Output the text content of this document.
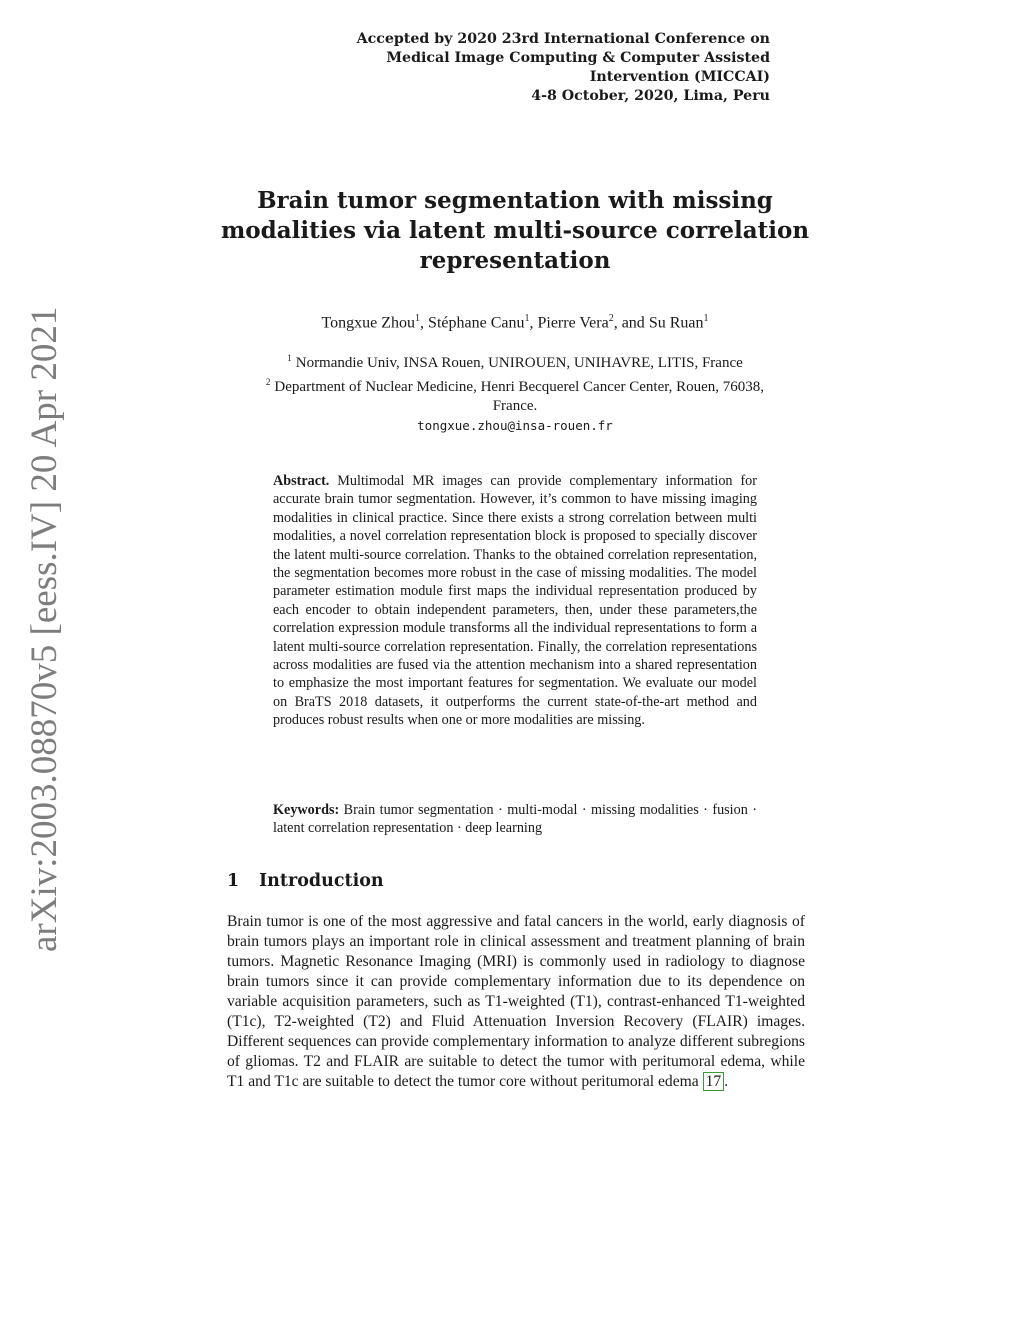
Accepted by 2020 23rd International Conference on
Medical Image Computing & Computer Assisted
Intervention (MICCAI)
4-8 October, 2020, Lima, Peru
arXiv:2003.08870v5 [eess.IV] 20 Apr 2021
Brain tumor segmentation with missing
modalities via latent multi-source correlation
representation
Tongxue Zhou$^1$, Stéphane Canu$^1$, Pierre Vera$^2$, and Su Ruan$^1$
$^1$ Normandie Univ, INSA Rouen, UNIROUEN, UNIHAVRE, LITIS, France
$^2$ Department of Nuclear Medicine, Henri Becquerel Cancer Center, Rouen, 76038,
France.
tongxue.zhou@insa-rouen.fr
Abstract. Multimodal MR images can provide complementary information for accurate brain tumor segmentation. However, it’s common to have missing imaging modalities in clinical practice. Since there exists a strong correlation between multi modalities, a novel correlation representation block is proposed to specially discover the latent multi-source correlation. Thanks to the obtained correlation representation, the segmentation becomes more robust in the case of missing modalities. The model parameter estimation module first maps the individual representation produced by each encoder to obtain independent parameters, then, under these parameters,the correlation expression module transforms all the individual representations to form a latent multi-source correlation representation. Finally, the correlation representations across modalities are fused via the attention mechanism into a shared representation to emphasize the most important features for segmentation. We evaluate our model on BraTS 2018 datasets, it outperforms the current state-of-the-art method and produces robust results when one or more modalities are missing.
Keywords: Brain tumor segmentation · multi-modal · missing modalities · fusion · latent correlation representation · deep learning
1 Introduction
Brain tumor is one of the most aggressive and fatal cancers in the world, early diagnosis of brain tumors plays an important role in clinical assessment and treatment planning of brain tumors. Magnetic Resonance Imaging (MRI) is commonly used in radiology to diagnose brain tumors since it can provide complementary information due to its dependence on variable acquisition parameters, such as T1-weighted (T1), contrast-enhanced T1-weighted (T1c), T2-weighted (T2) and Fluid Attenuation Inversion Recovery (FLAIR) images. Different sequences can provide complementary information to analyze different subregions of gliomas. T2 and FLAIR are suitable to detect the tumor with peritumoral edema, while T1 and T1c are suitable to detect the tumor core without peritumoral edema 17 .
